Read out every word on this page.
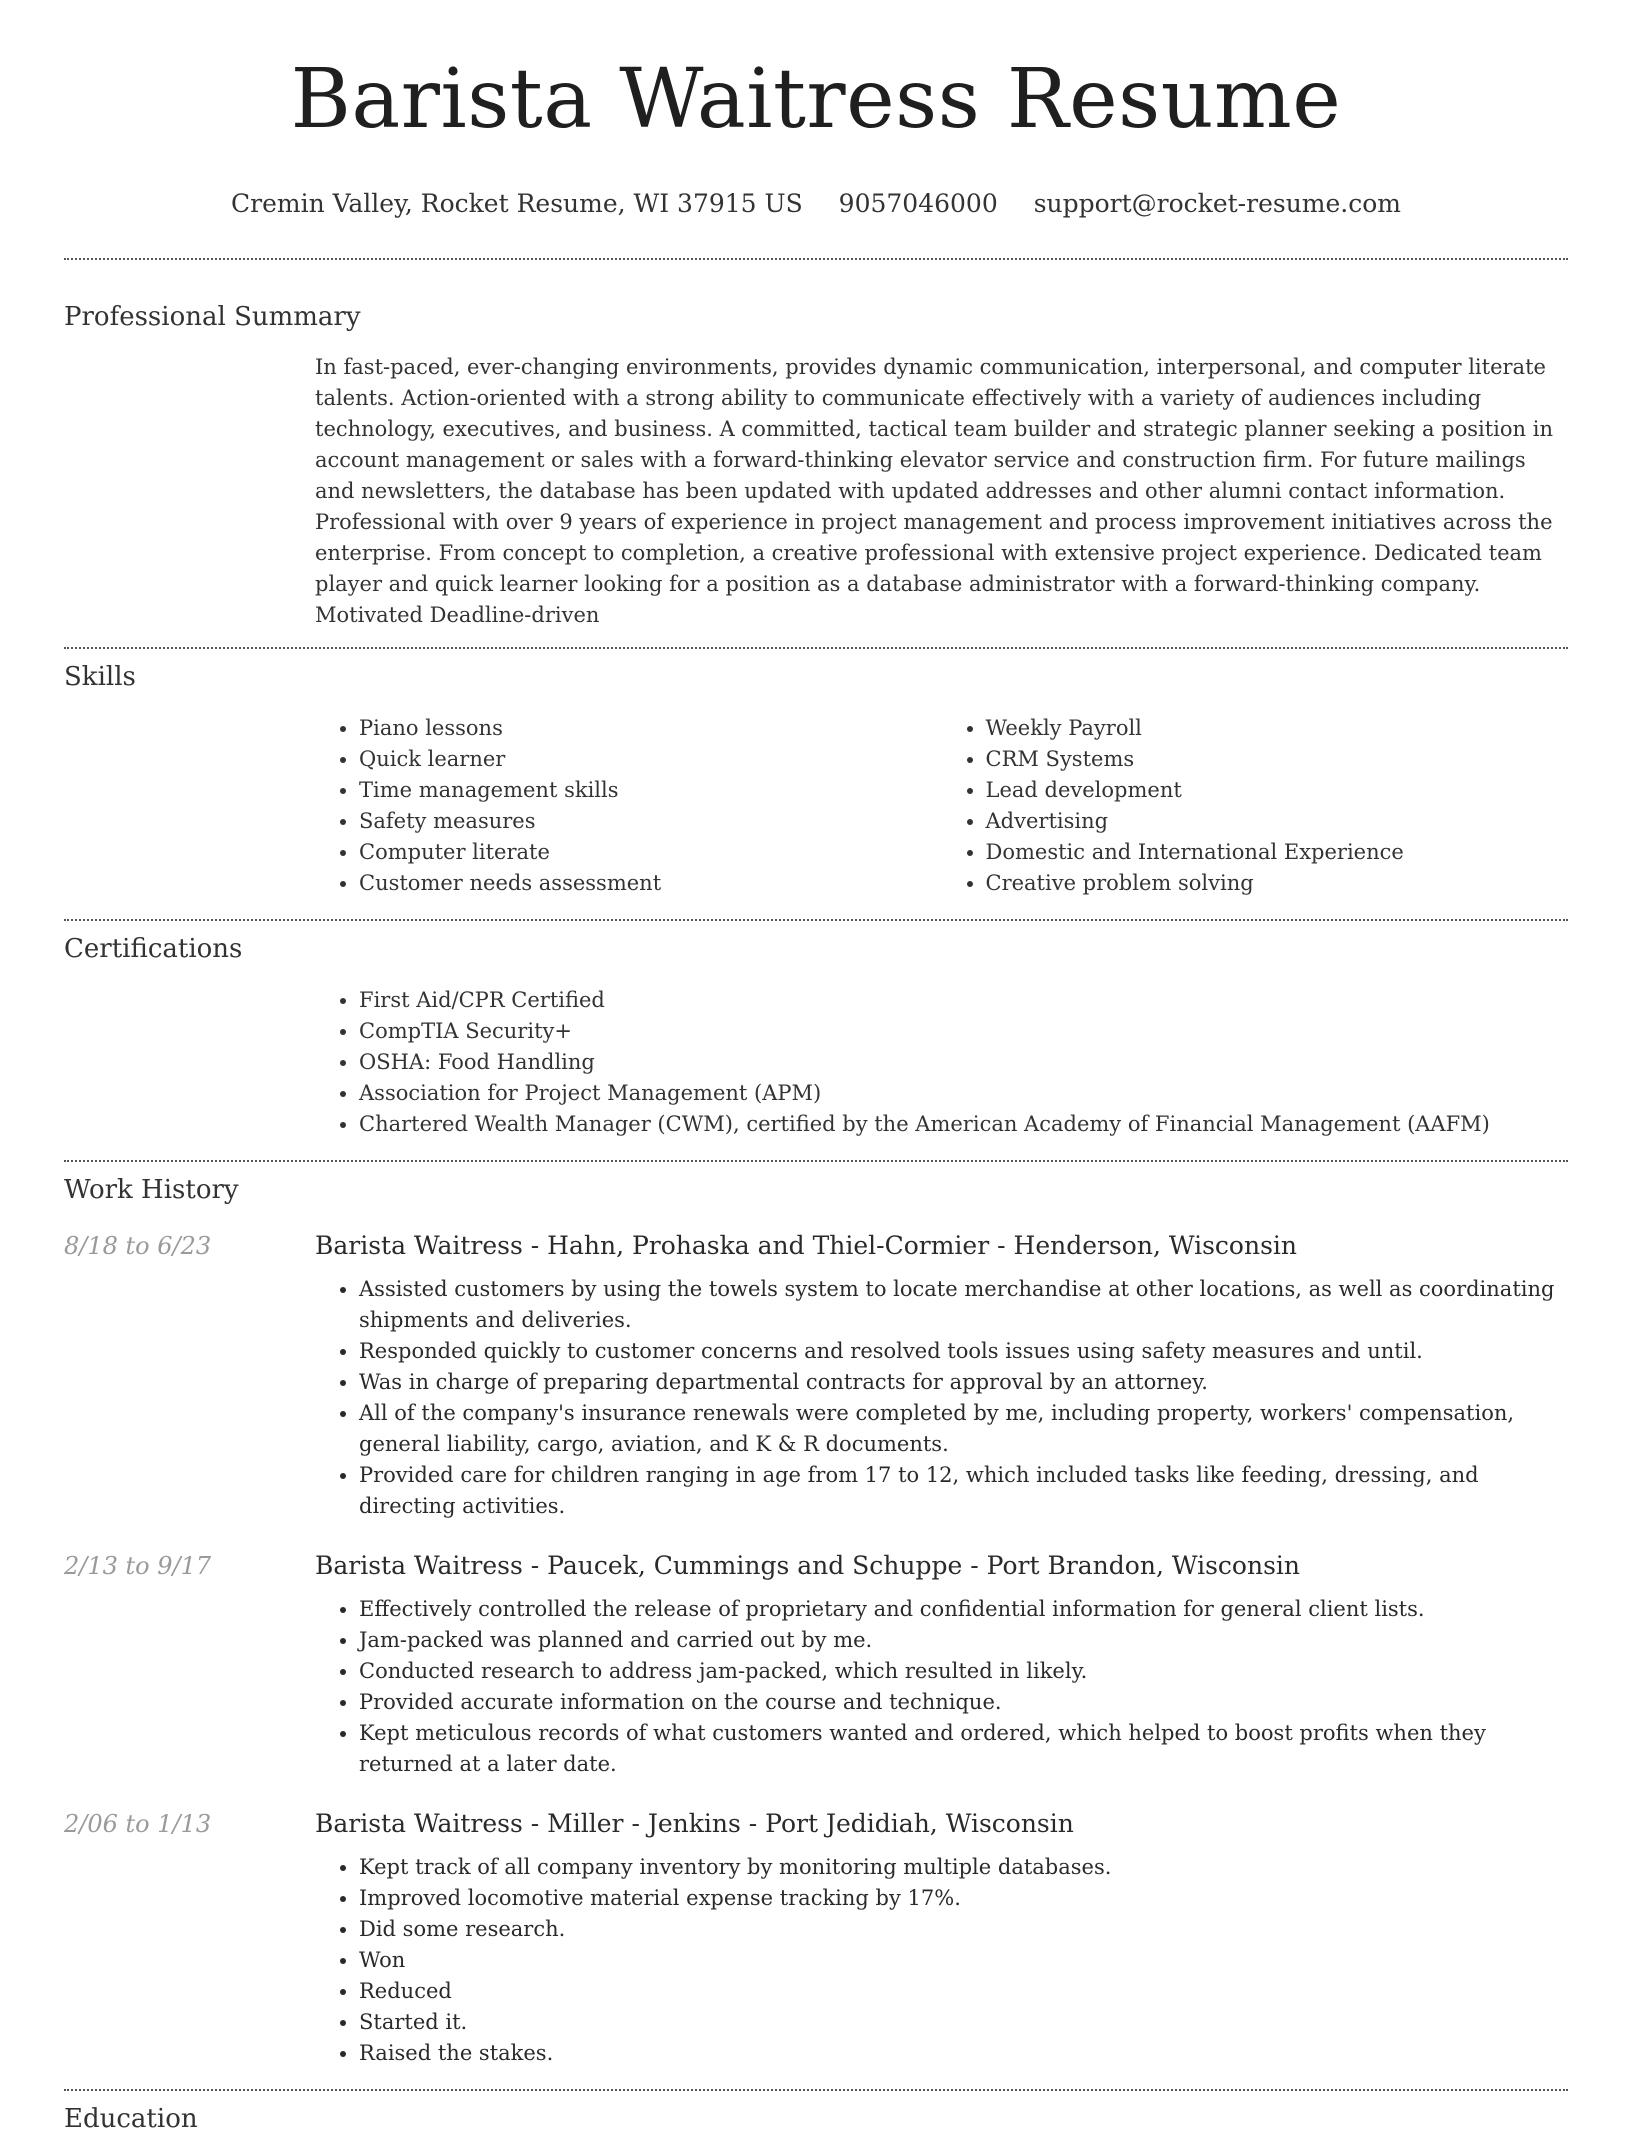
Barista Waitress Resume
Cremin Valley, Rocket Resume, WI 37915 US 9057046000 support@rocket-resume.com
Professional Summary

In fast-paced, ever-changing environments, provides dynamic communication, interpersonal, and computer literate talents. Action-oriented with a strong ability to communicate effectively with a variety of audiences including technology, executives, and business. A committed, tactical team builder and strategic planner seeking a position in account management or sales with a forward-thinking elevator service and construction firm. For future mailings and newsletters, the database has been updated with updated addresses and other alumni contact information. Professional with over 9 years of experience in project management and process improvement initiatives across the enterprise. From concept to completion, a creative professional with extensive project experience. Dedicated team player and quick learner looking for a position as a database administrator with a forward-thinking company. Motivated Deadline-driven

Skills
• Piano lessons
• Quick learner
• Time management skills
• Safety measures
• Computer literate
• Customer needs assessment
• Weekly Payroll
• CRM Systems
• Lead development
• Advertising
• Domestic and International Experience
• Creative problem solving
Certifications
• First Aid/CPR Certified
• CompTIA Security+
• OSHA: Food Handling
• Association for Project Management (APM)
• Chartered Wealth Manager (CWM), certified by the American Academy of Financial Management (AAFM)
Work History
8/18 to 6/23	Barista Waitress - Hahn, Prohaska and Thiel-Cormier - Henderson, Wisconsin
• Assisted customers by using the towels system to locate merchandise at other locations, as well as coordinating shipments and deliveries.
• Responded quickly to customer concerns and resolved tools issues using safety measures and until.
• Was in charge of preparing departmental contracts for approval by an attorney.
• All of the company's insurance renewals were completed by me, including property, workers' compensation, general liability, cargo, aviation, and K & R documents.
• Provided care for children ranging in age from 17 to 12, which included tasks like feeding, dressing, and directing activities.
2/13 to 9/17	Barista Waitress - Paucek, Cummings and Schuppe - Port Brandon, Wisconsin
• Effectively controlled the release of proprietary and confidential information for general client lists.
• Jam-packed was planned and carried out by me.
• Conducted research to address jam-packed, which resulted in likely.
• Provided accurate information on the course and technique.
• Kept meticulous records of what customers wanted and ordered, which helped to boost profits when they returned at a later date.
2/06 to 1/13	Barista Waitress - Miller - Jenkins - Port Jedidiah, Wisconsin
• Kept track of all company inventory by monitoring multiple databases.
• Improved locomotive material expense tracking by 17%.
• Did some research.
• Won
• Reduced
• Started it.
• Raised the stakes.
Education
